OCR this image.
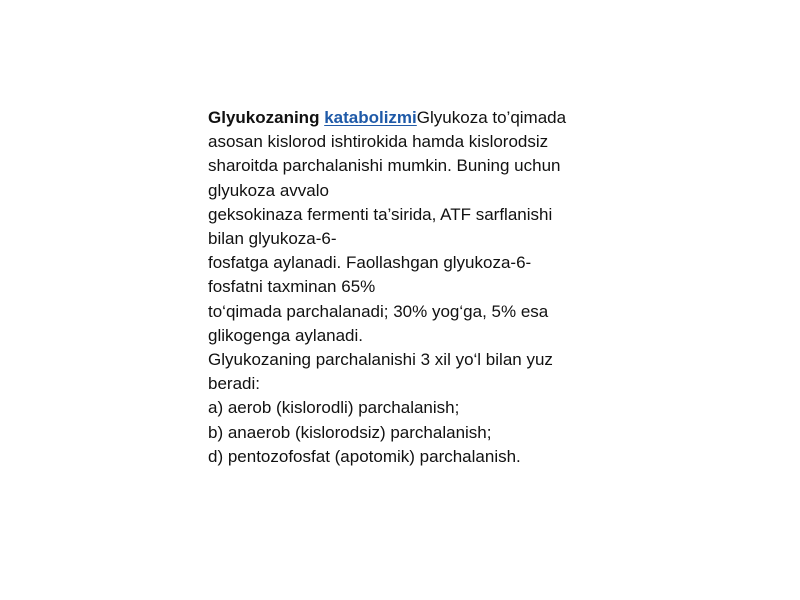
Glyukozaning katabolizmiGlyukoza to’qimada
asosan kislorod ishtirokida hamda kislorodsiz
sharoitda parchalanishi mumkin. Buning uchun
glyukoza avvalo
geksokinaza fermenti ta’sirida, ATF sarflanishi
bilan glyukoza-6-
fosfatga aylanadi. Faollashgan glyukoza-6-
fosfatni taxminan 65%
to‘qimada parchalanadi; 30% yog‘ga, 5% esa
glikogenga aylanadi.
Glyukozaning parchalanishi 3 xil yo‘l bilan yuz
beradi:
a) aerob (kislorodli) parchalanish;
b) anaerob (kislorodsiz) parchalanish;
d) pentozofosfat (apotomik) parchalanish.
